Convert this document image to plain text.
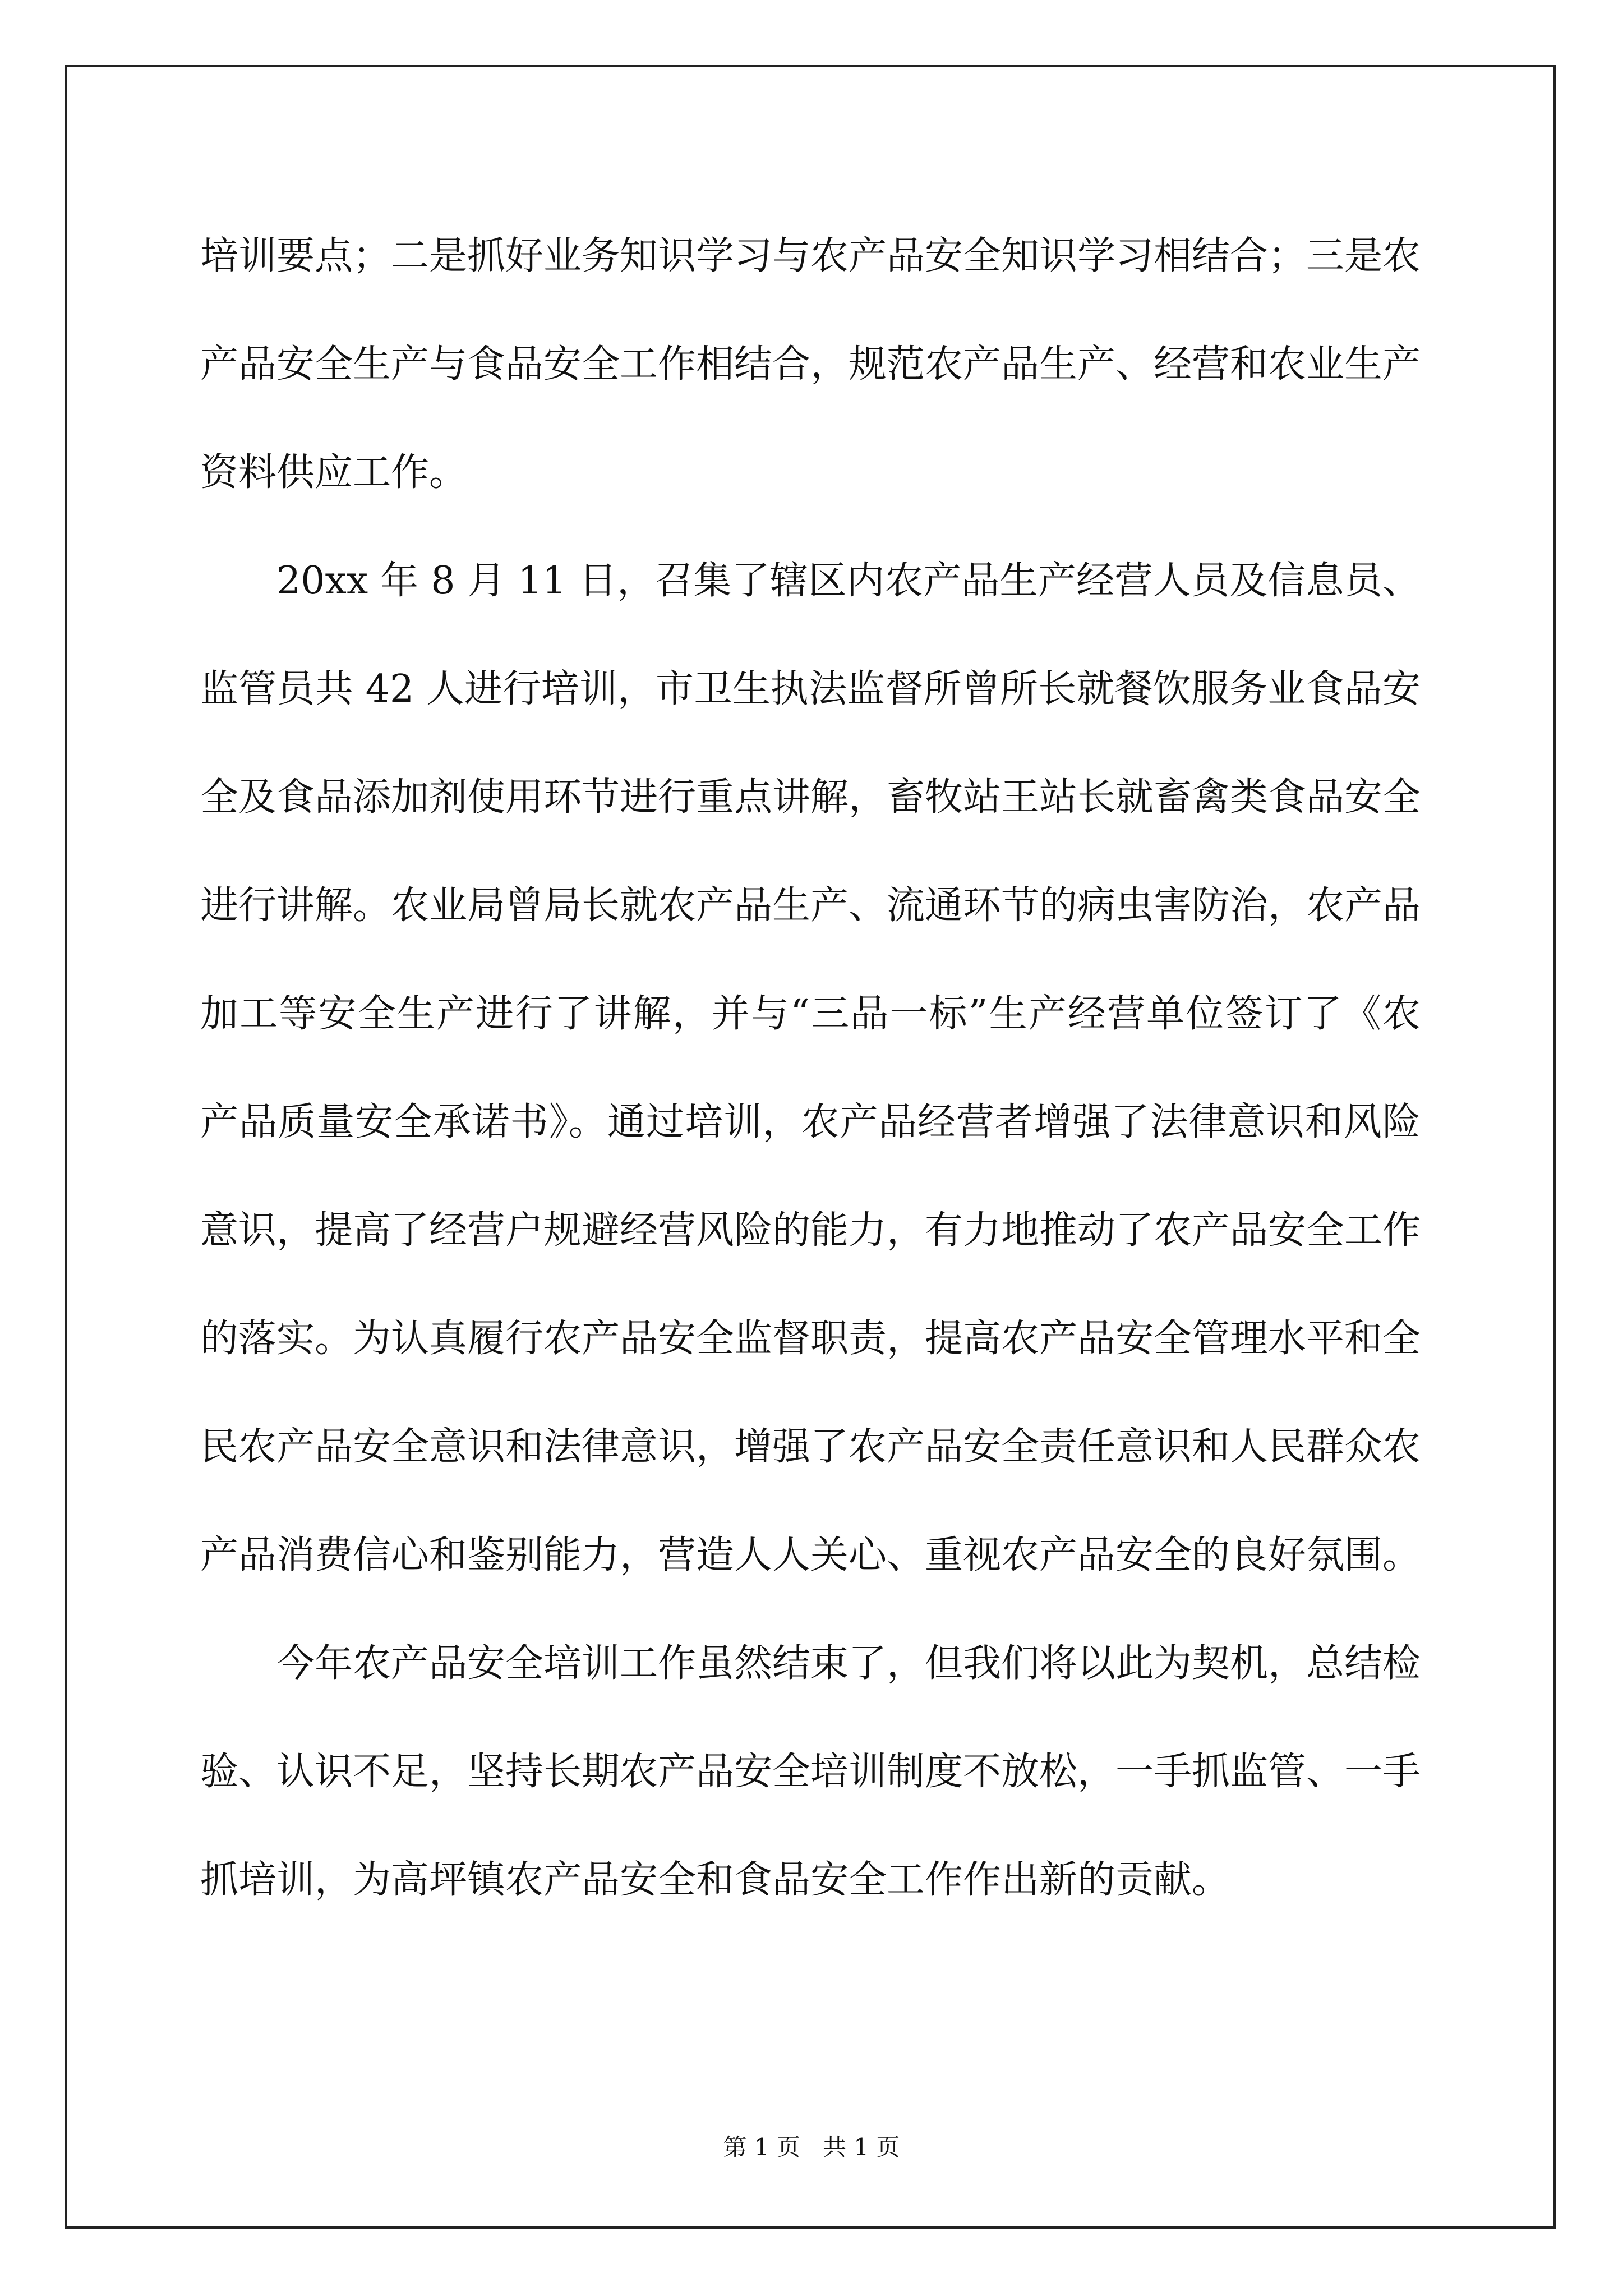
培训要点；二是抓好业务知识学习与农产品安全知识学习相结合；三是农产品安全生产与食品安全工作相结合，规范农产品生产、经营和农业生产资料供应工作。

20xx 年 8 月 11 日，召集了辖区内农产品生产经营人员及信息员、监管员共 42 人进行培训，市卫生执法监督所曾所长就餐饮服务业食品安全及食品添加剂使用环节进行重点讲解，畜牧站王站长就畜禽类食品安全进行讲解。农业局曾局长就农产品生产、流通环节的病虫害防治，农产品加工等安全生产进行了讲解，并与“三品一标”生产经营单位签订了《农产品质量安全承诺书》。通过培训，农产品经营者增强了法律意识和风险意识，提高了经营户规避经营风险的能力，有力地推动了农产品安全工作的落实。为认真履行农产品安全监督职责，提高农产品安全管理水平和全民农产品安全意识和法律意识，增强了农产品安全责任意识和人民群众农产品消费信心和鉴别能力，营造人人关心、重视农产品安全的良好氛围。

今年农产品安全培训工作虽然结束了，但我们将以此为契机，总结检验、认识不足，坚持长期农产品安全培训制度不放松，一手抓监管、一手抓培训，为高坪镇农产品安全和食品安全工作作出新的贡献。

第 1 页 共 1 页
